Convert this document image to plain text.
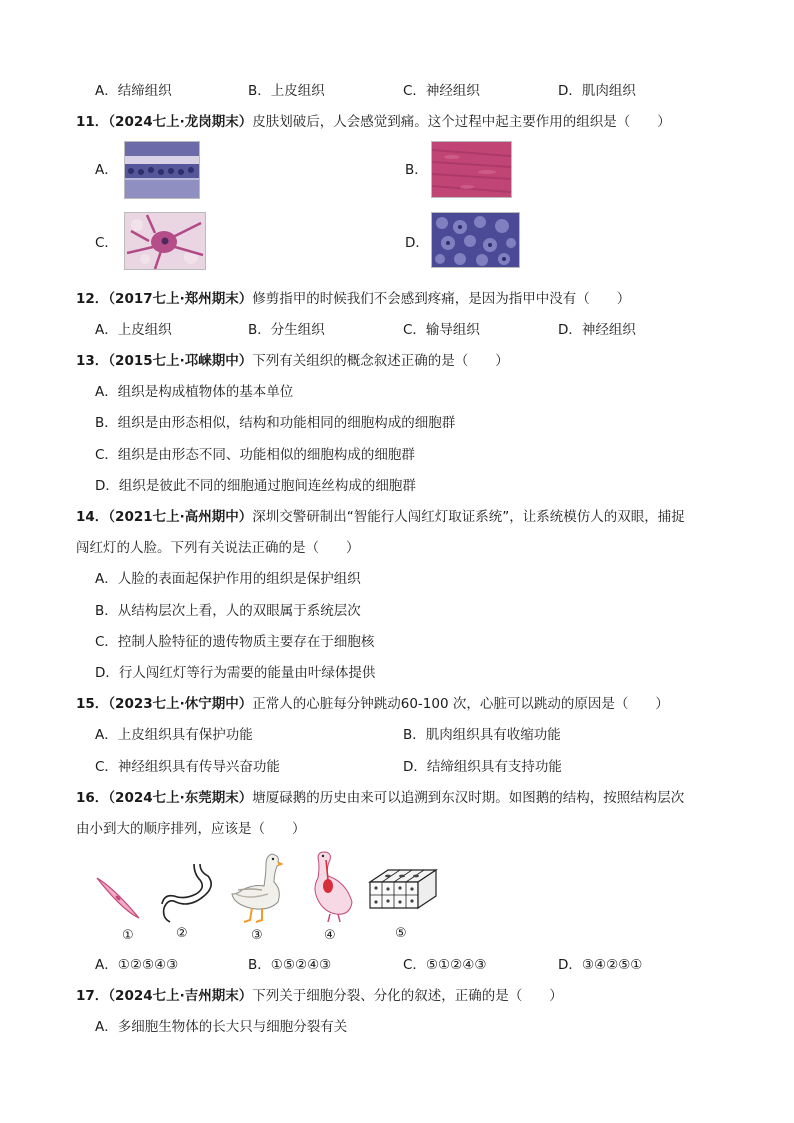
A．结缔组织	B．上皮组织	C．神经组织	D．肌肉组织
11．（2024七上·龙岗期末）皮肤划破后，人会感觉到痛。这个过程中起主要作用的组织是（　　）
A．	B．
C．	D．
12．（2017七上·郑州期末）修剪指甲的时候我们不会感到疼痛，是因为指甲中没有（　　）
A．上皮组织	B．分生组织	C．输导组织	D．神经组织
13．（2015七上·邛崃期中）下列有关组织的概念叙述正确的是（　　）
A．组织是构成植物体的基本单位
B．组织是由形态相似，结构和功能相同的细胞构成的细胞群
C．组织是由形态不同、功能相似的细胞构成的细胞群
D．组织是彼此不同的细胞通过胞间连丝构成的细胞群
14．（2021七上·高州期中）深圳交警研制出“智能行人闯红灯取证系统”，让系统模仿人的双眼，捕捉
闯红灯的人脸。下列有关说法正确的是（　　）
A．人脸的表面起保护作用的组织是保护组织
B．从结构层次上看，人的双眼属于系统层次
C．控制人脸特征的遗传物质主要存在于细胞核
D．行人闯红灯等行为需要的能量由叶绿体提供
15．（2023七上·休宁期中）正常人的心脏每分钟跳动60-100 次，心脏可以跳动的原因是（　　）
A．上皮组织具有保护功能	B．肌肉组织具有收缩功能
C．神经组织具有传导兴奋功能	D．结缔组织具有支持功能
16．（2024七上·东莞期末）塘厦碌鹅的历史由来可以追溯到东汉时期。如图鹅的结构，按照结构层次
由小到大的顺序排列，应该是（　　）
①	②	③	④	⑤
A．①②⑤④③	B．①⑤②④③	C．⑤①②④③	D．③④②⑤①
17．（2024七上·吉州期末）下列关于细胞分裂、分化的叙述，正确的是（　　）
A．多细胞生物体的长大只与细胞分裂有关
